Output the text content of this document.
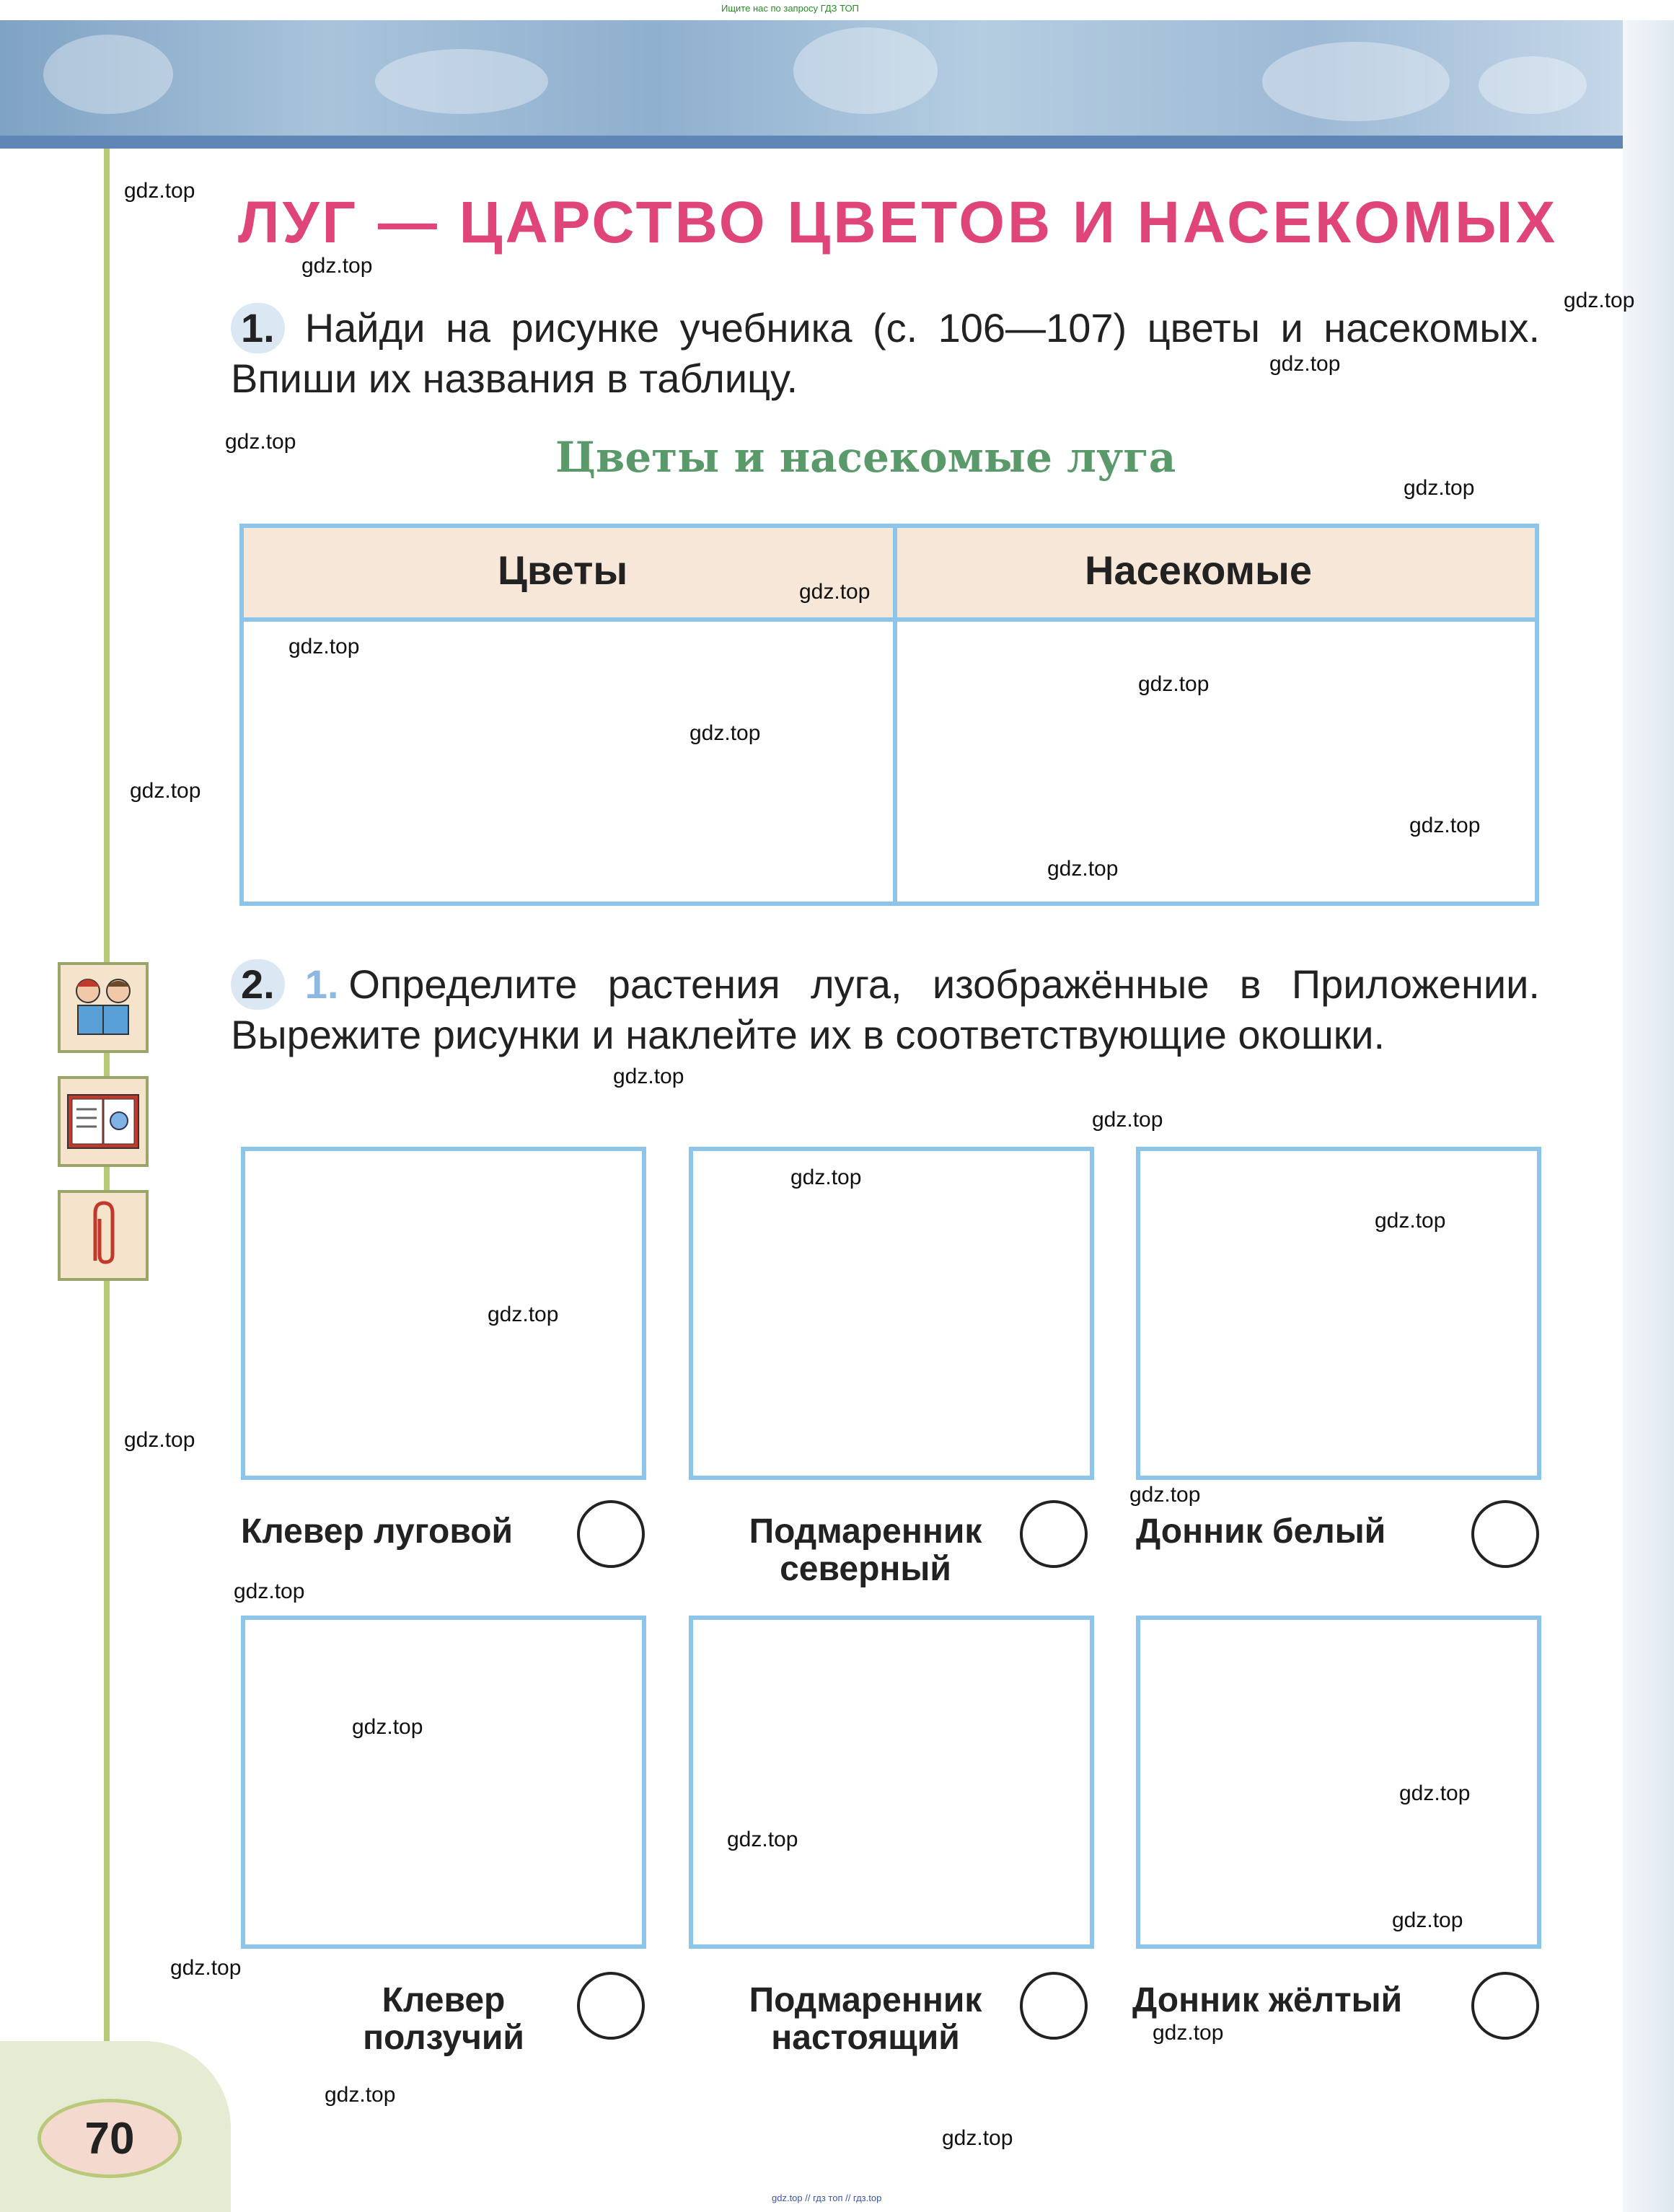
70
Ищите нас по запросу ГДЗ ТОП
gdz.top // гдз топ // гдз.top
ЛУГ — ЦАРСТВО ЦВЕТОВ И НАСЕКОМЫХ
1. Найди на рисунке учебника (с. 106—107) цветы и насекомых. Впиши их названия в таблицу.
Цветы и насекомые луга
Цветы	Насекомые
2. 1. Определите растения луга, изображённые в Приложении. Вырежите рисунки и наклейте их в соответствующие окошки.
Клевер луговой	Подмаренник северный
Донник белый
Клевер ползучий
Подмаренник настоящий
Донник жёлтый
gdz.top
gdz.top
gdz.top
gdz.top
gdz.top
gdz.top
gdz.top
gdz.top
gdz.top
gdz.top
gdz.top
gdz.top
gdz.top
gdz.top
gdz.top
gdz.top
gdz.top
gdz.top
gdz.top
gdz.top
gdz.top
gdz.top
gdz.top
gdz.top
gdz.top
gdz.top
gdz.top
gdz.top
gdz.top
